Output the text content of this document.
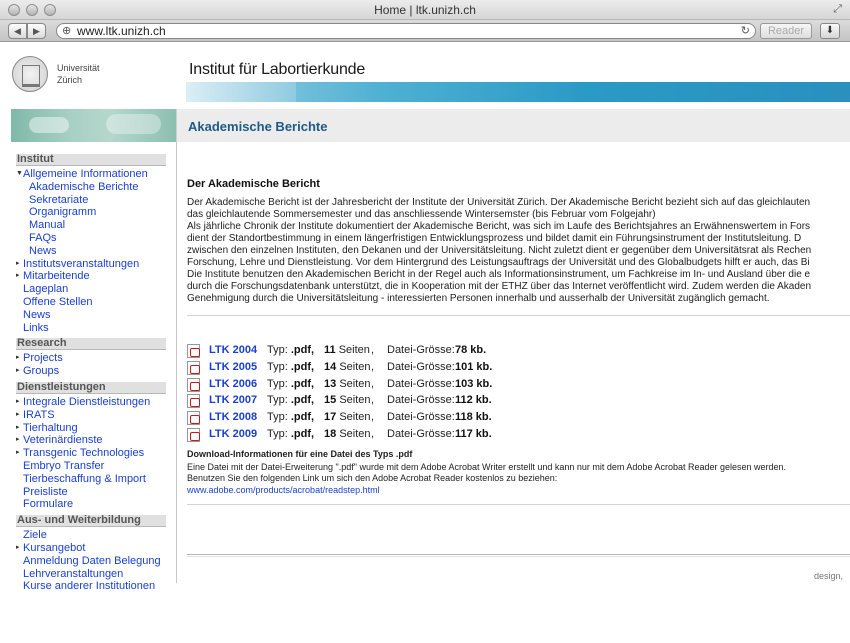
Home | ltk.unizh.ch	⤢
◀	▶	⊕ www.ltk.unizh.ch	↻	Reader	⬇
Universität
Zürich
Institut für Labortierkunde
Akademische Berichte
Institut
▼ Allgemeine Informationen
Akademische Berichte
Sekretariate
Organigramm
Manual
FAQs
News
▸ Institutsveranstaltungen
▸ Mitarbeitende
Lageplan
Offene Stellen
News
Links
Research
▸ Projects
▸ Groups
Dienstleistungen
▸ Integrale Dienstleistungen
▸ IRATS
▸ Tierhaltung
▸ Veterinärdienste
▸ Transgenic Technologies
Embryo Transfer
Tierbeschaffung & Import
Preisliste
Formulare
Aus- und Weiterbildung
Ziele
▸ Kursangebot
Anmeldung Daten Belegung
Lehrveranstaltungen
Kurse anderer Institutionen
Der Akademische Bericht
Der Akademische Bericht ist der Jahresbericht der Institute der Universität Zürich. Der Akademische Bericht bezieht sich auf das gleichlauten
das gleichlautende Sommersemester und das anschliessende Wintersemster (bis Februar vom Folgejahr)
Als jährliche Chronik der Institute dokumentiert der Akademische Bericht, was sich im Laufe des Berichtsjahres an Erwähnenswertem in Fors
dient der Standortbestimmung in einem längerfristigen Entwicklungsprozess und bildet damit ein Führungsinstrument der Institutsleitung. D
zwischen den einzelnen Instituten, den Dekanen und der Universitätsleitung. Nicht zuletzt dient er gegenüber dem Universitätsrat als Rechen
Forschung, Lehre und Dienstleistung. Vor dem Hintergrund des Leistungsauftrags der Universität und des Globalbudgets hilft er auch, das Bi
Die Institute benutzen den Akademischen Bericht in der Regel auch als Informationsinstrument, um Fachkreise im In- und Ausland über die e
durch die Forschungsdatenbank unterstützt, die in Kooperation mit der ETHZ über das Internet veröffentlicht wird. Zudem werden die Akaden
Genehmigung durch die Universitätsleitung - interessierten Personen innerhalb und ausserhalb der Universität zugänglich gemacht.
LTK 2004 Typ: .pdf, 11 Seiten , Datei-Grösse: 78 kb.
LTK 2005 Typ: .pdf, 14 Seiten , Datei-Grösse: 101 kb.
LTK 2006 Typ: .pdf, 13 Seiten , Datei-Grösse: 103 kb.
LTK 2007 Typ: .pdf, 15 Seiten , Datei-Grösse: 112 kb.
LTK 2008 Typ: .pdf, 17 Seiten , Datei-Grösse: 118 kb.
LTK 2009 Typ: .pdf, 18 Seiten , Datei-Grösse: 117 kb.
Download-Informationen für eine Datei des Typs .pdf
Eine Datei mit der Datei-Erweiterung ".pdf" wurde mit dem Adobe Acrobat Writer erstellt und kann nur mit dem Adobe Acrobat Reader gelesen werden.
Benutzen Sie den folgenden Link um sich den Adobe Acrobat Reader kostenlos zu beziehen:
www.adobe.com/products/acrobat/readstep.html
design,
